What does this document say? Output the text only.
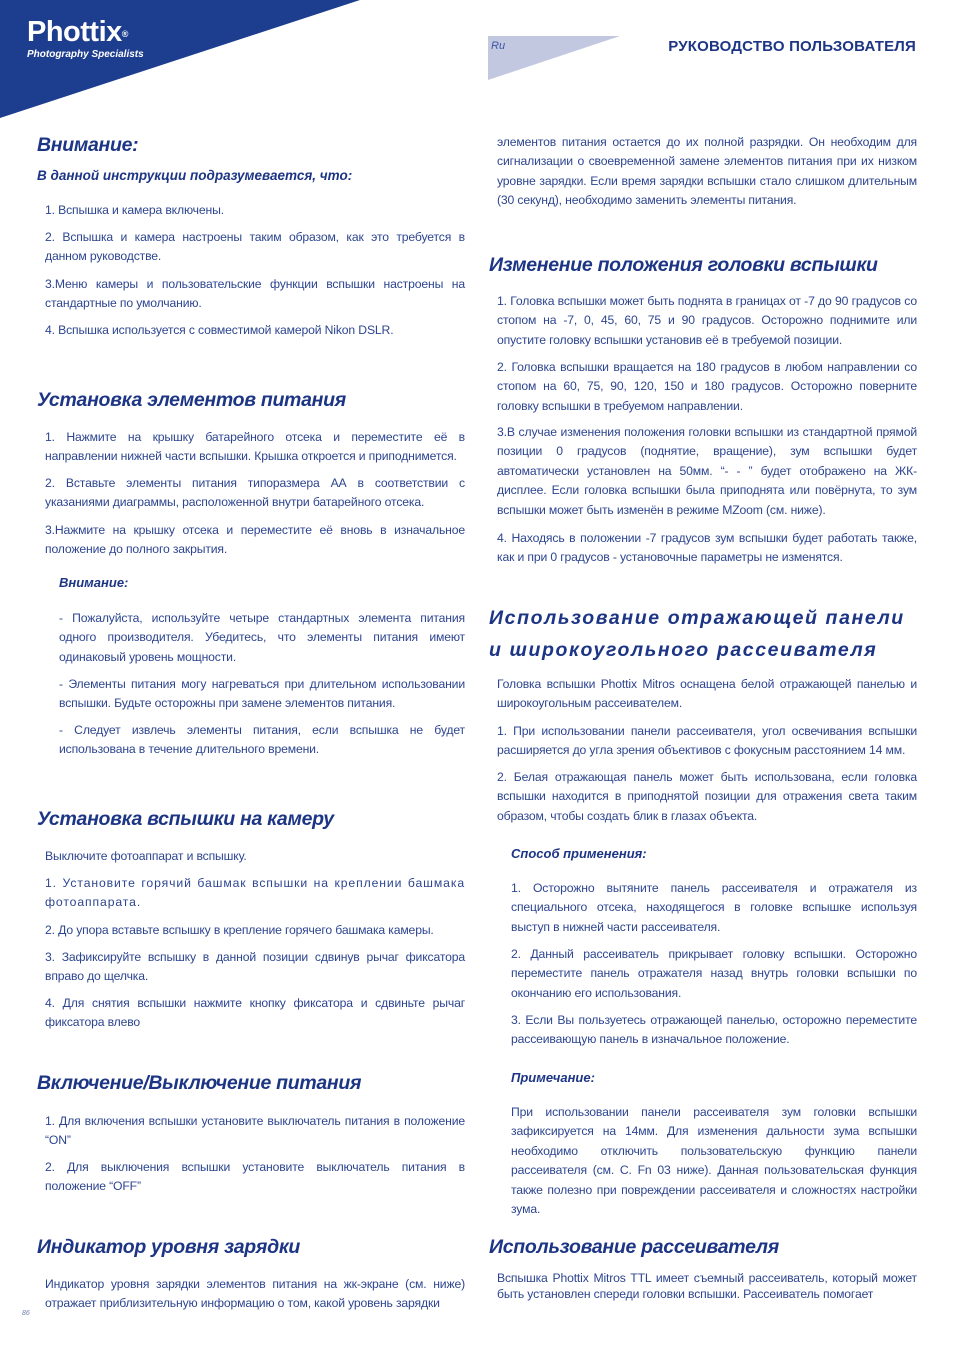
Phottix®
Photography Specialists
Ru	РУКОВОДСТВО ПОЛЬЗОВАТЕЛЯ
Внимание:
В данной инструкции подразумевается, что:

1. Вспышка и камера включены.

2. Вспышка и камера настроены таким образом, как это требуется в данном руководстве.

3.Меню камеры и пользовательские функции вспышки настроены на стандартные по умолчанию.

4. Вспышка используется с совместимой камерой Nikon DSLR.

Установка элементов питания

1. Нажмите на крышку батарейного отсека и переместите её в направлении нижней части вспышки. Крышка откроется и приподнимется.

2. Вставьте элементы питания типоразмера АА в соответствии с указаниями диаграммы, расположенной внутри батарейного отсека.

3.Нажмите на крышку отсека и переместите её вновь в изначальное положение до полного закрытия.

Внимание:

- Пожалуйста, используйте четыре стандартных элемента питания одного производителя. Убедитесь, что элементы питания имеют одинаковый уровень мощности.

- Элементы питания могу нагреваться при длительном использовании вспышки. Будьте осторожны при замене элементов питания.

- Следует извлечь элементы питания, если вспышка не будет использована в течение длительного времени.

Установка вспышки на камеру

Выключите фотоаппарат и вспышку.

1. Установите горячий башмак вспышки на креплении башмака фотоаппарата.

2. До упора вставьте вспышку в крепление горячего башмака камеры.

3. Зафиксируйте вспышку в данной позиции сдвинув рычаг фиксатора вправо до щелчка.

4. Для снятия вспышки нажмите кнопку фиксатора и сдвиньте рычаг фиксатора влево

Включение/Выключение питания

1. Для включения вспышки установите выключатель питания в положение “ON”

2. Для выключения вспышки установите выключатель питания в положение “OFF”

Индикатор уровня зарядки

Индикатор уровня зарядки элементов питания на жк-экране (см. ниже) отражает приблизительную информацию о том, какой уровень зарядки

элементов питания остается до их полной разрядки. Он необходим для сигнализации о своевременной замене элементов питания при их низком уровне зарядки. Если время зарядки вспышки стало слишком длительным (30 секунд), необходимо заменить элементы питания.

Изменение положения головки вспышки

1. Головка вспышки может быть поднята в границах от -7 до 90 градусов со стопом на -7, 0, 45, 60, 75 и 90 градусов. Осторожно поднимите или опустите головку вспышки установив её в требуемой позиции.

2. Головка вспышки вращается на 180 градусов в любом направлении со стопом на 60, 75, 90, 120, 150 и 180 градусов. Осторожно поверните головку вспышки в требуемом направлении.

3.В случае изменения положения головки вспышки из стандартной прямой позиции 0 градусов (поднятие, вращение), зум вспышки будет автоматически установлен на 50мм. “- - ” будет отображено на ЖК-дисплее. Если головка вспышки была приподнята или повёрнута, то зум вспышки может быть изменён в режиме MZoom (см. ниже).

4. Находясь в положении -7 градусов зум вспышки будет работать также, как и при 0 градусов - установочные параметры не изменятся.

Использование отражающей панели и широкоугольного рассеивателя

Головка вспышки Phottix Mitros оснащена белой отражающей панелью и широкоугольным рассеивателем.

1. При использовании панели рассеивателя, угол освечивания вспышки расширяется до угла зрения объективов с фокусным расстоянием 14 мм.

2. Белая отражающая панель может быть использована, если головка вспышки находится в приподнятой позиции для отражения света таким образом, чтобы создать блик в глазах объекта.

Способ применения:

1. Осторожно вытяните панель рассеивателя и отражателя из специального отсека, находящегося в головке вспышке используя выступ в нижней части рассеивателя.

2. Данный рассеиватель прикрывает головку вспышки. Осторожно переместите панель отражателя назад внутрь головки вспышки по окончанию его использования.

3. Если Вы пользуетесь отражающей панелью, осторожно переместите рассеивающую панель в изначальное положение.

Примечание:

При использовании панели рассеивателя зум головки вспышки зафиксируется на 14мм. Для изменения дальности зума вспышки необходимо отключить пользовательскую функцию панели рассеивателя (см. C. Fn 03 ниже). Данная пользовательская функция также полезно при повреждении рассеивателя и сложностях настройки зума.

Использование рассеивателя

Вспышка Phottix Mitros TTL имеет съемный рассеиватель, который может быть установлен спереди головки вспышки. Рассеиватель помогает

86
